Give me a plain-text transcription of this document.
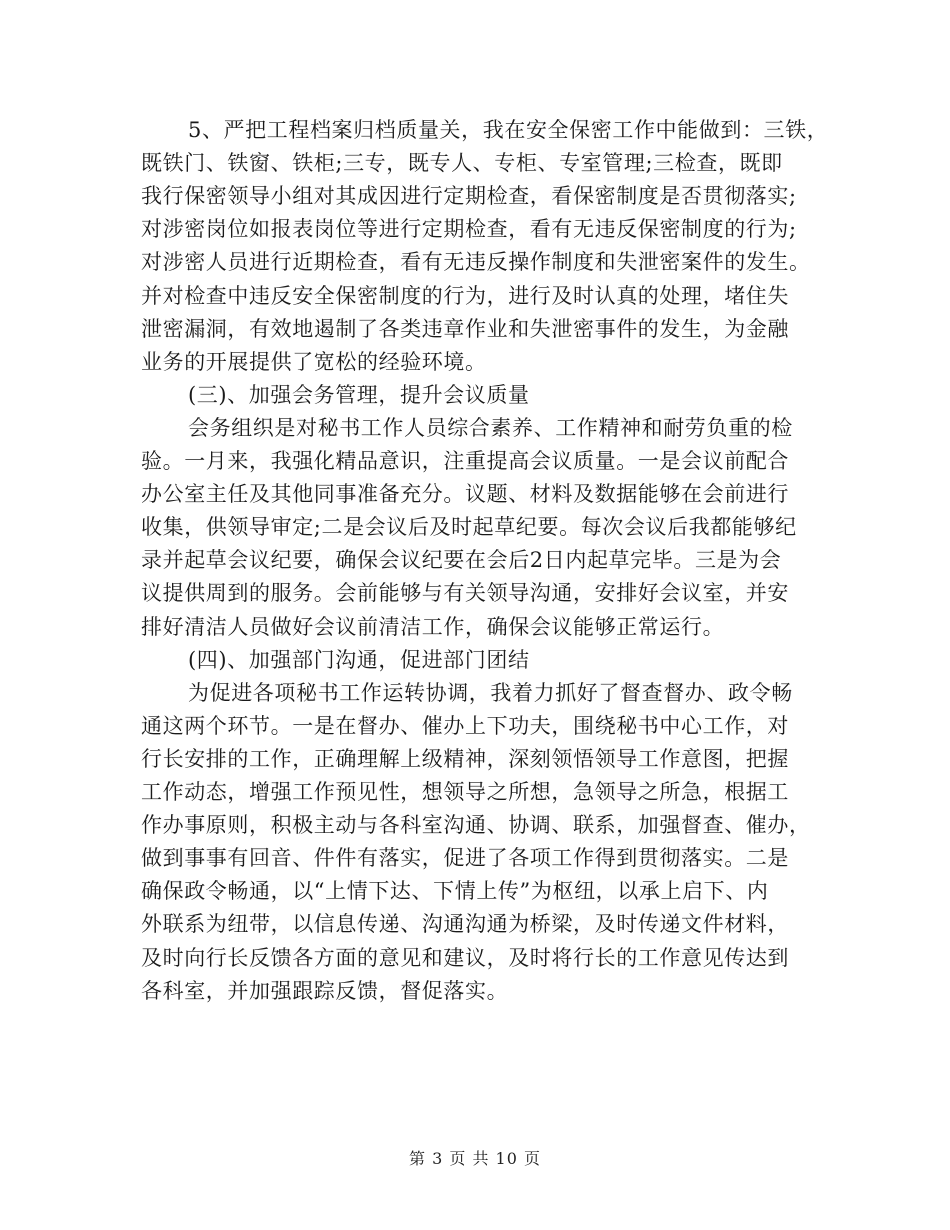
5、严把工程档案归档质量关，我在安全保密工作中能做到：三铁，
既铁门、铁窗、铁柜;三专，既专人、专柜、专室管理;三检查，既即
我行保密领导小组对其成因进行定期检查，看保密制度是否贯彻落实;
对涉密岗位如报表岗位等进行定期检查，看有无违反保密制度的行为;
对涉密人员进行近期检查，看有无违反操作制度和失泄密案件的发生。
并对检查中违反安全保密制度的行为，进行及时认真的处理，堵住失
泄密漏洞，有效地遏制了各类违章作业和失泄密事件的发生，为金融
业务的开展提供了宽松的经验环境。
(三)、加强会务管理，提升会议质量
会务组织是对秘书工作人员综合素养、工作精神和耐劳负重的检
验。一月来，我强化精品意识，注重提高会议质量。一是会议前配合
办公室主任及其他同事准备充分。议题、材料及数据能够在会前进行
收集，供领导审定;二是会议后及时起草纪要。每次会议后我都能够纪
录并起草会议纪要，确保会议纪要在会后2日内起草完毕。三是为会
议提供周到的服务。会前能够与有关领导沟通，安排好会议室，并安
排好清洁人员做好会议前清洁工作，确保会议能够正常运行。
(四)、加强部门沟通，促进部门团结
为促进各项秘书工作运转协调，我着力抓好了督查督办、政令畅
通这两个环节。一是在督办、催办上下功夫，围绕秘书中心工作，对
行长安排的工作，正确理解上级精神，深刻领悟领导工作意图，把握
工作动态，增强工作预见性，想领导之所想，急领导之所急，根据工
作办事原则，积极主动与各科室沟通、协调、联系，加强督查、催办，
做到事事有回音、件件有落实，促进了各项工作得到贯彻落实。二是
确保政令畅通，以“上情下达、下情上传”为枢纽，以承上启下、内
外联系为纽带，以信息传递、沟通沟通为桥梁，及时传递文件材料，
及时向行长反馈各方面的意见和建议，及时将行长的工作意见传达到
各科室，并加强跟踪反馈，督促落实。
第 3 页 共 10 页
